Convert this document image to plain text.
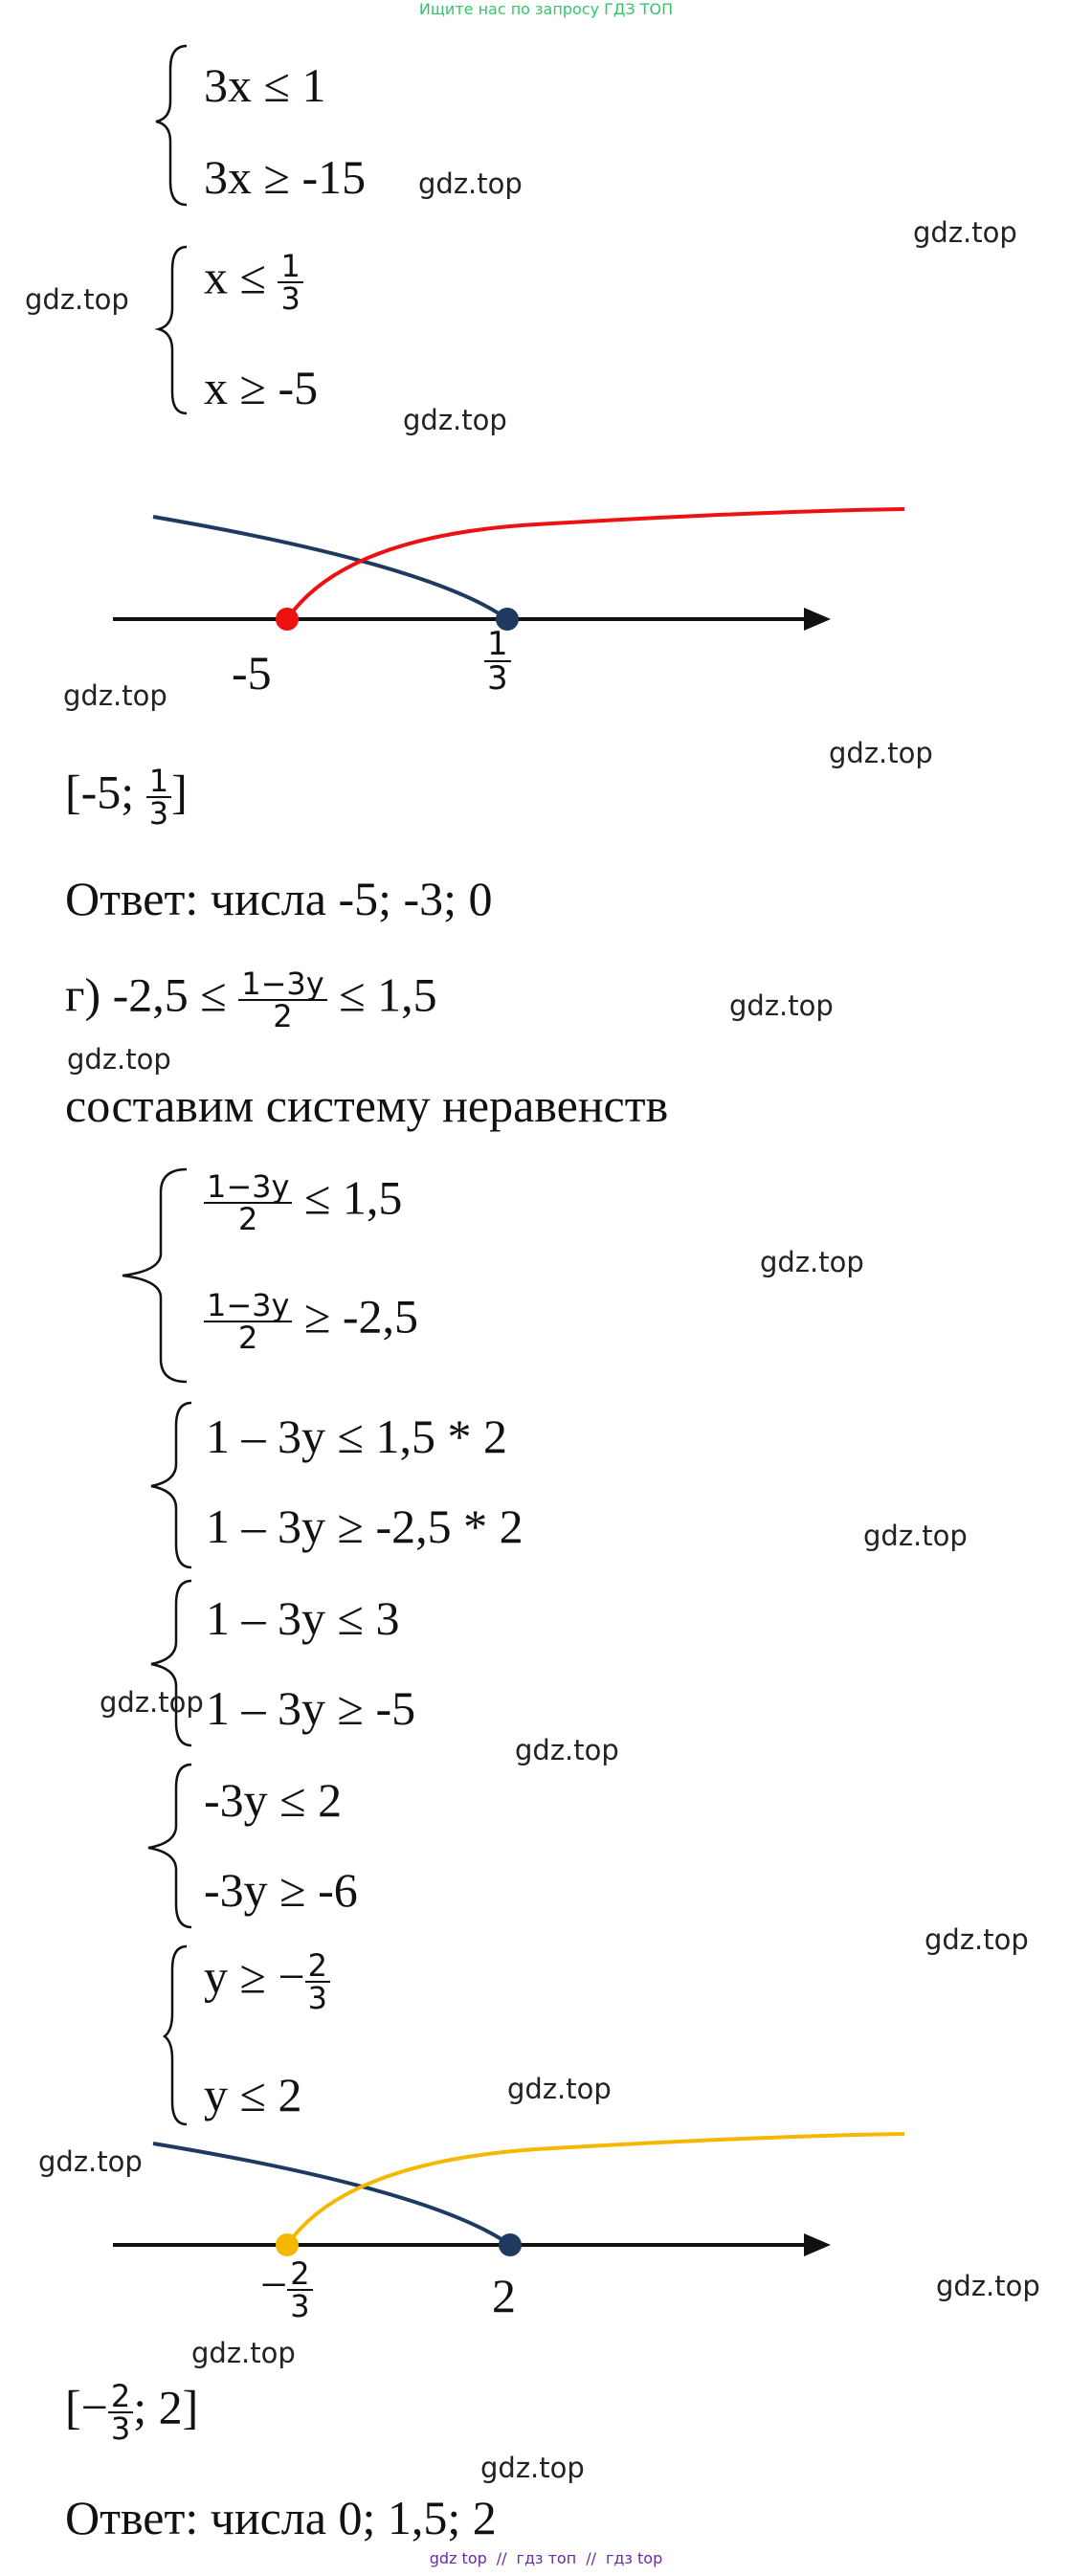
Ищите нас по запросу ГДЗ ТОП
3x ≤ 1
3x ≥ -15
$x \le \frac{1}{3}$
x ≥ -5
-5	$\frac{1}{3}$
[-5; $\frac{1}{3}$ ]
Ответ: числа -5; -3; 0
г) $-2,5 \le \frac{1-3y}{2} \le 1,5$
составим систему неравенств
$\frac{1-3y}{2} \le 1,5$
$\frac{1-3y}{2} \ge -2,5$
1 – 3y ≤ 1,5 * 2
1 – 3y ≥ -2,5 * 2
1 – 3y ≤ 3
1 – 3y ≥ -5
-3y ≤ 2
-3y ≥ -6
y ≥ − $\frac{2}{3}$
y ≤ 2
− $\frac{2}{3}$	2
[− $\frac{2}{3}$ ; 2]
Ответ: числа 0; 1,5; 2
gdz.top
gdz.top
gdz.top
gdz.top
gdz.top
gdz.top
gdz.top
gdz.top
gdz.top
gdz.top
gdz.top
gdz.top
gdz.top
gdz.top
gdz.top
gdz.top
gdz.top
gdz.top
gdz top // гдз топ // гдз top
